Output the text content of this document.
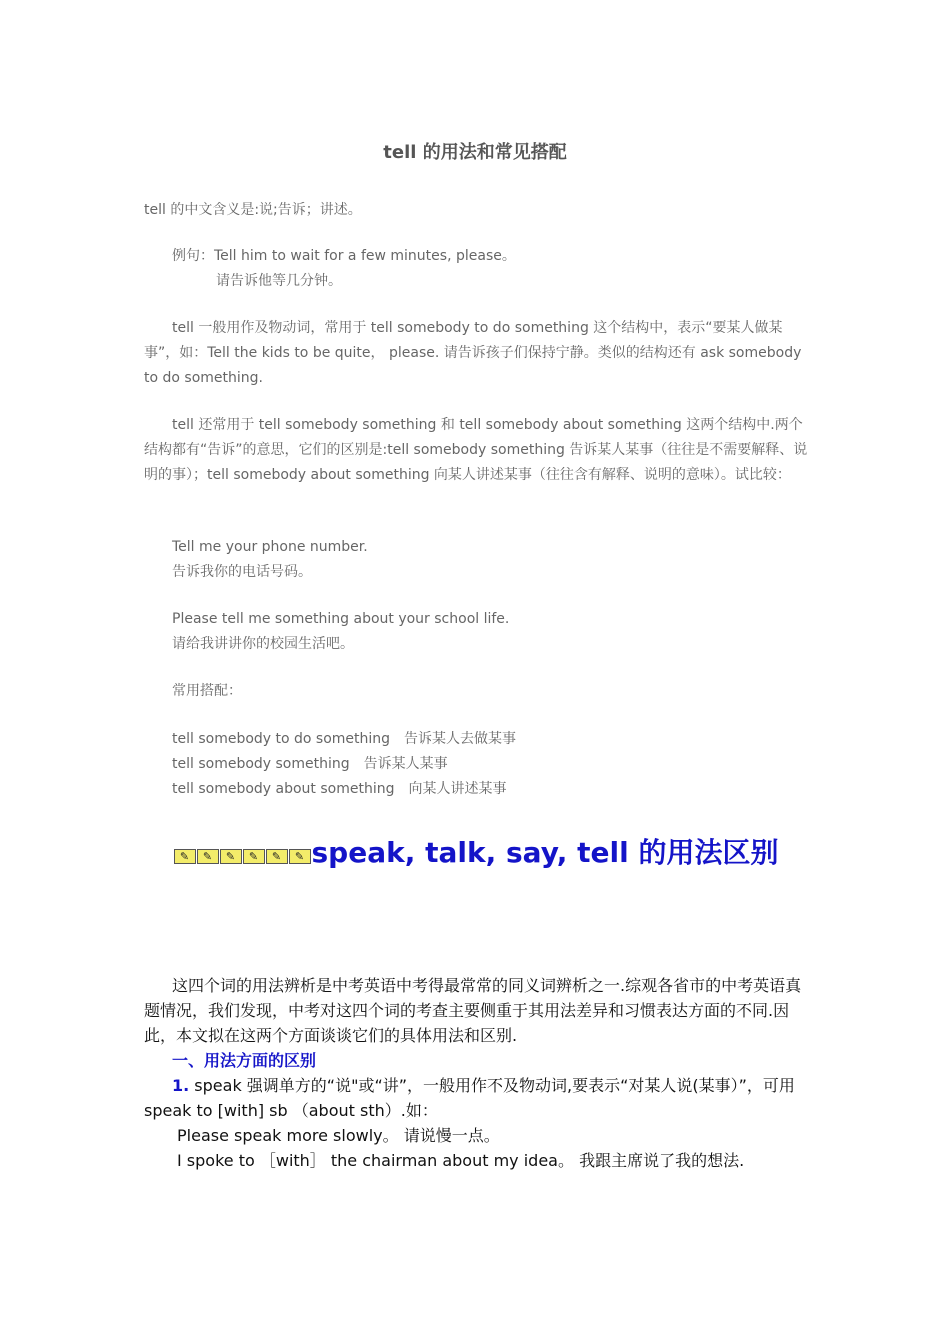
tell 的用法和常见搭配

tell 的中文含义是:说;告诉；讲述。

例句：Tell him to wait for a few minutes, please。
请告诉他等几分钟。

tell 一般用作及物动词，常用于 tell somebody to do something 这个结构中，表示“要某人做某事”，如：Tell the kids to be quite， please. 请告诉孩子们保持宁静。类似的结构还有 ask somebody to do something.

tell 还常用于 tell somebody something 和 tell somebody about something 这两个结构中.两个结构都有“告诉”的意思，它们的区别是:tell somebody something 告诉某人某事（往往是不需要解释、说明的事）；tell somebody about something 向某人讲述某事（往往含有解释、说明的意味）。试比较：

Tell me your phone number.
告诉我你的电话号码。
Please tell me something about your school life.
请给我讲讲你的校园生活吧。

常用搭配：

tell somebody to do something　告诉某人去做某事
tell somebody something　告诉某人某事
tell somebody about something　向某人讲述某事
✎ ✎ ✎ ✎ ✎ ✎ speak, talk, say, tell 的用法区别

这四个词的用法辨析是中考英语中考得最常常的同义词辨析之一.综观各省市的中考英语真题情况，我们发现，中考对这四个词的考查主要侧重于其用法差异和习惯表达方面的不同.因此，本文拟在这两个方面谈谈它们的具体用法和区别.

一、用法方面的区别

1. speak 强调单方的“说"或“讲”，一般用作不及物动词,要表示“对某人说(某事）”，可用 speak to [with] sb （about sth）.如：

Please speak more slowly。 请说慢一点。
I spoke to ［with］ the chairman about my idea。 我跟主席说了我的想法.
